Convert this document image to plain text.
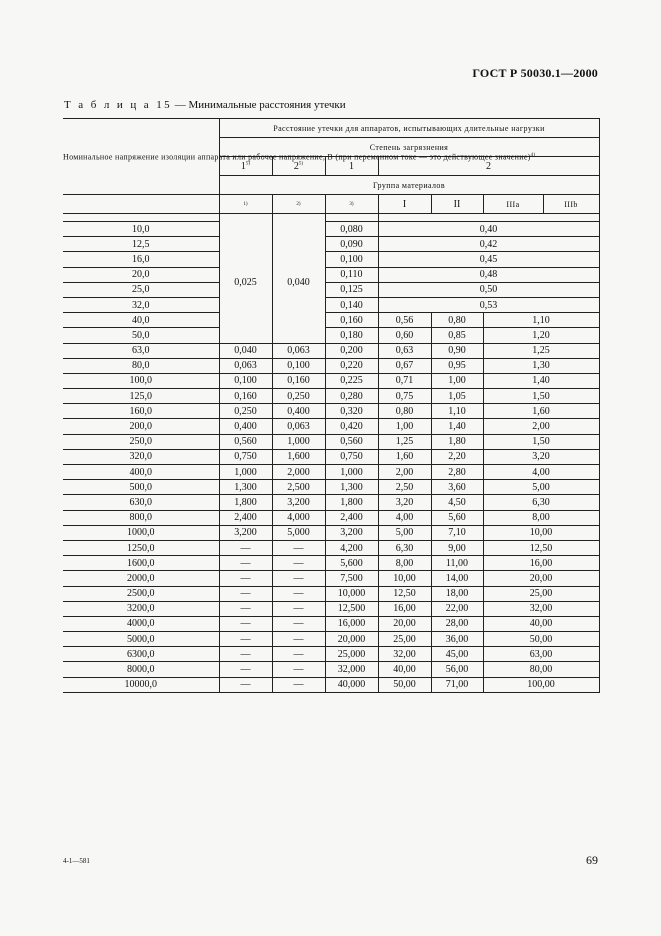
ГОСТ Р 50030.1—2000
Т а б л и ц а 15 — Минимальные расстояния утечки
Номинальное напряжение изоляции аппарата или рабочее напряжение, В (при переменном токе — это действующее значение)$^{4)}$	Расстояние утечки для аппаратов, испытывающих длительные нагрузки						
	Степень загрязнения						
	1$^{5)}$	2$^{5)}$	1	2			
	Группа материалов						
	1)	2)	3)	I	II	IIIa	IIIb

10,0	0,025	0,040	0,080	0,40			
12,5			0,090	0,42			
16,0			0,100	0,45			
20,0			0,110	0,48			
25,0			0,125	0,50			
32,0			0,140	0,53			
40,0			0,160	0,56	0,80	1,10	
50,0			0,180	0,60	0,85	1,20	
63,0	0,040	0,063	0,200	0,63	0,90	1,25	
80,0	0,063	0,100	0,220	0,67	0,95	1,30	
100,0	0,100	0,160	0,225	0,71	1,00	1,40	
125,0	0,160	0,250	0,280	0,75	1,05	1,50	
160,0	0,250	0,400	0,320	0,80	1,10	1,60	
200,0	0,400	0,063	0,420	1,00	1,40	2,00	
250,0	0,560	1,000	0,560	1,25	1,80	1,50	
320,0	0,750	1,600	0,750	1,60	2,20	3,20	
400,0	1,000	2,000	1,000	2,00	2,80	4,00	
500,0	1,300	2,500	1,300	2,50	3,60	5,00	
630,0	1,800	3,200	1,800	3,20	4,50	6,30	
800,0	2,400	4,000	2,400	4,00	5,60	8,00	
1000,0	3,200	5,000	3,200	5,00	7,10	10,00	
1250,0	—	—	4,200	6,30	9,00	12,50	
1600,0	—	—	5,600	8,00	11,00	16,00	
2000,0	—	—	7,500	10,00	14,00	20,00	
2500,0	—	—	10,000	12,50	18,00	25,00	
3200,0	—	—	12,500	16,00	22,00	32,00	
4000,0	—	—	16,000	20,00	28,00	40,00	
5000,0	—	—	20,000	25,00	36,00	50,00	
6300,0	—	—	25,000	32,00	45,00	63,00	
8000,0	—	—	32,000	40,00	56,00	80,00	
10000,0	—	—	40,000	50,00	71,00	100,00	
4-1—581	69
